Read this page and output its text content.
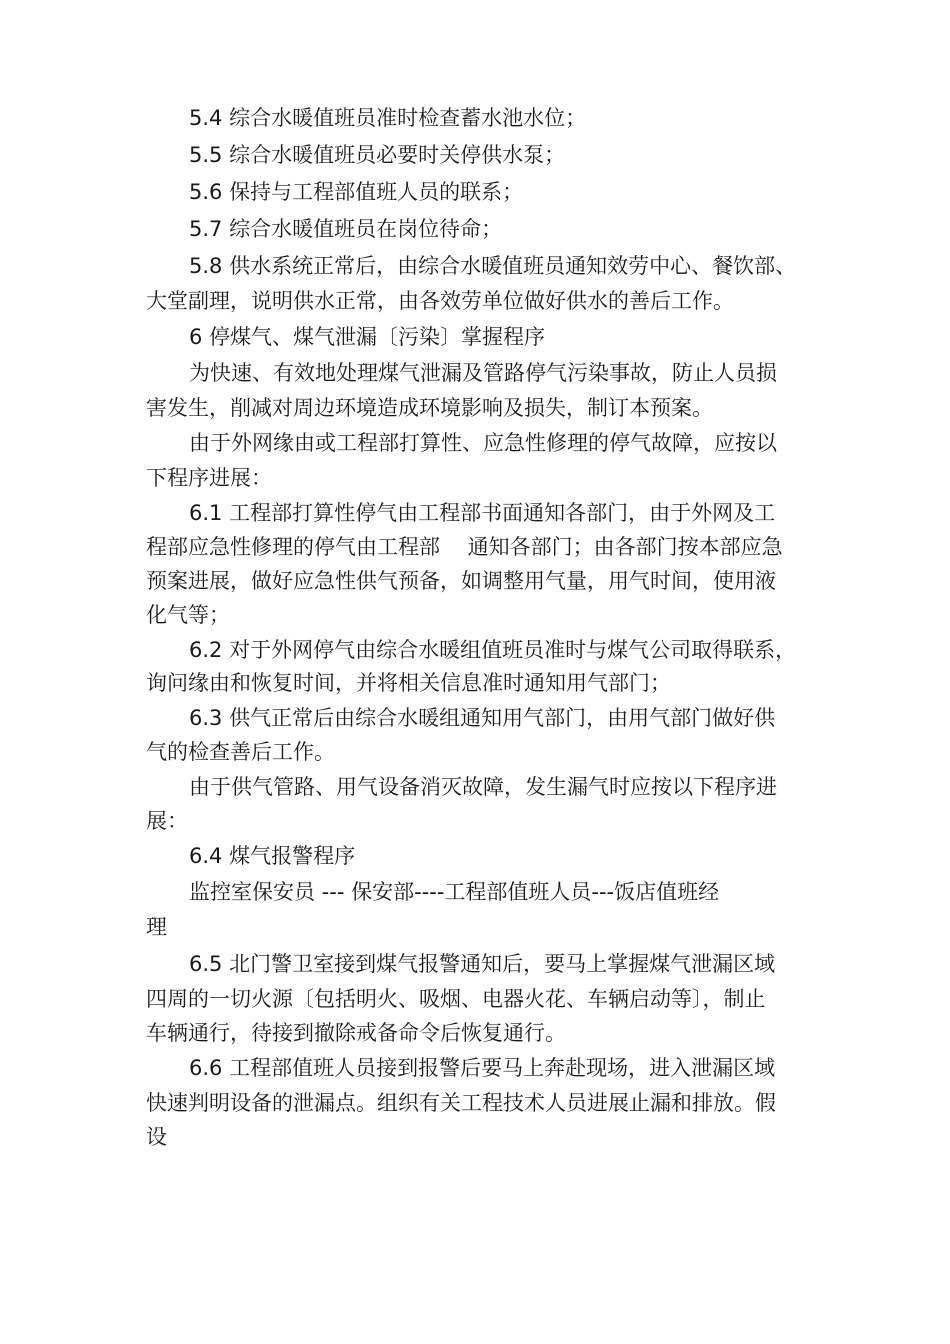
5.4 综合水暖值班员准时检查蓄水池水位；
5.5 综合水暖值班员必要时关停供水泵；
5.6 保持与工程部值班人员的联系；
5.7 综合水暖值班员在岗位待命；
5.8 供水系统正常后，由综合水暖值班员通知效劳中心、餐饮部、
大堂副理，说明供水正常，由各效劳单位做好供水的善后工作。
6 停煤气、煤气泄漏〔污染〕掌握程序
为快速、有效地处理煤气泄漏及管路停气污染事故，防止人员损
害发生，削减对周边环境造成环境影响及损失，制订本预案。
由于外网缘由或工程部打算性、应急性修理的停气故障，应按以
下程序进展：
6.1 工程部打算性停气由工程部书面通知各部门，由于外网及工
程部应急性修理的停气由工程部　 通知各部门；由各部门按本部应急
预案进展，做好应急性供气预备，如调整用气量，用气时间，使用液
化气等；
6.2 对于外网停气由综合水暖组值班员准时与煤气公司取得联系，
询问缘由和恢复时间，并将相关信息准时通知用气部门；
6.3 供气正常后由综合水暖组通知用气部门，由用气部门做好供
气的检查善后工作。
由于供气管路、用气设备消灭故障，发生漏气时应按以下程序进
展：
6.4 煤气报警程序
监控室保安员 --- 保安部----工程部值班人员---饭店值班经
理
6.5 北门警卫室接到煤气报警通知后，要马上掌握煤气泄漏区域
四周的一切火源〔包括明火、吸烟、电器火花、车辆启动等〕，制止
车辆通行，待接到撤除戒备命令后恢复通行。
6.6 工程部值班人员接到报警后要马上奔赴现场，进入泄漏区域
快速判明设备的泄漏点。组织有关工程技术人员进展止漏和排放。假
设
